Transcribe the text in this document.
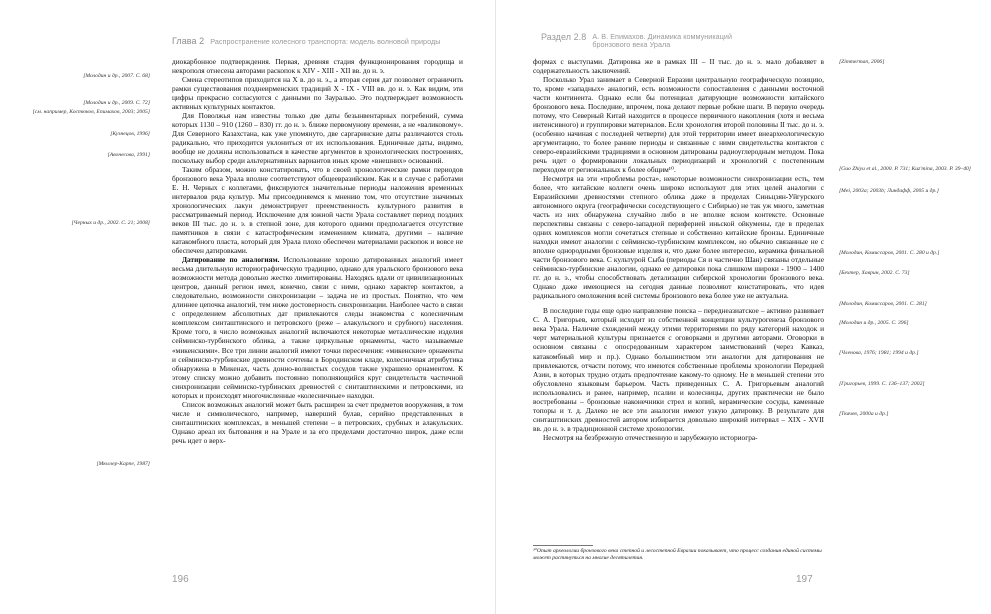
Глава 2 Распространение колесного транспорта: модель волновой природы
[Молодин и др., 2007. С. 68]
[Молодин и др., 2009. С. 72]
[см. например, Костюков, Епимахов, 2003; 2005]
[Кузнецов, 1996]
[Авонесова, 1991]
[Черных и др., 2002. С. 21; 2008]
[Мюллер-Карпе, 1987]

диокарбонное подтверждения. Первая, древняя стадия функционирования городища и некрополя отнесена авторами раскопок к XIV - XIII - XII вв. до н. э.

Смена стереотипов приходится на X в. до н. э., а вторая серия дат позволяет ограничить рамки существования позднеирменских традиций X - IX - VIII вв. до н. э. Как видим, эти цифры прекрасно согласуются с данными по Зауралью. Это подтверждает возможность активных культурных контактов.

Для Поволжья нам известны только две даты безынвентарных погребений, сумма которых 1130 – 910 (1260 – 830) гг. до н. э. ближе первомунову времени, а не «валиковому». Для Северного Казахстана, как уже упомянуто, две саргаринские даты различаются столь радикально, что приходится уклониться от их использования. Единичные даты, видимо, вообще не должны использоваться в качестве аргументов в хронологических построениях, поскольку выбор среди альтернативных вариантов иных кроме «внешних» оснований.

Таким образом, можно констатировать, что в своей хронологические рамки периодов бронзового века Урала вполне соответствуют общеевразийским. Как и в случае с работами Е. Н. Черных с коллегами, фиксируются значительные периоды наложения временных интервалов ряда культур. Мы присоединяемся к мнению том, что отсутствие значимых хронологических лакун демонстрирует преемственность культурного развития в рассматриваемый период. Исключение для южной части Урала составляет период поздних веков III тыс. до н. э. в степной зоне, для которого одними предполагается отсутствие памятников в связи с катастрофическим изменением климата, другими – наличие катакомбного пласта, который для Урала плохо обеспечен материалами раскопок и вовсе не обеспечен датировками.

Датирование по аналогиям. Использование хорошо датированных аналогий имеет весьма длительную историографическую традицию, однако для уральского бронзового века возможности метода довольно жестко лимитированы. Находясь вдали от цивилизационных центров, данный регион имел, конечно, связи с ними, однако характер контактов, а следовательно, возможности синхронизации – задача не из простых. Понятно, что чем длиннее цепочка аналогий, тем ниже достоверность синхронизации. Наиболее часто в связи с определением абсолютных дат привлекаются следы знакомства с колесничным комплексом синташтинского и петровского (реже – алакульского и срубного) населения. Кроме того, в число возможных аналогий включаются некоторые металлические изделия сейминско-турбинского облика, а также циркульные орнаменты, часто называемые «микенскими». Все три линии аналогий имеют точки пересечения: «микенские» орнаменты и сейминско-турбинские древности сочтены в Бородинском кладе, колесничная атрибутика обнаружена в Микенах, часть донно-волнистых сосудов также украшено орнаментом. К этому списку можно добавить постоянно пополняющийся круг свидетельств частичной синхронизации сейминско-турбинских древностей с синташтинскими и петровскими, из которых и происходят многочисленные «колесничные» находки.

Список возможных аналогий может быть расширен за счет предметов вооружения, в том числе и символического, например, наверший булав, серийно представленных в синташтинских комплексах, в меньшей степени – в петровских, срубных и алакульских. Однако ареал их бытования и на Урале и за его пределами достаточно широк, даже если речь идет о верх-

196
Раздел 2.8 А. В. Епимахов. Динамика коммуникаций
бронзового века Урала

формах с выступами. Датировка же в рамках III – II тыс. до н. э. мало добавляет в содержательность заключений.

Посколько Урал занимает в Северной Евразии центральную географическую позицию, то, кроме «западных» аналогий, есть возможности сопоставления с данными восточной части континента. Однако если бы потенциал датирующие возможности китайского бронзового века. Последние, впрочем, пока делают первые робкие шаги. В первую очередь потому, что Северный Китай находится в процессе первичного накопления (хотя и весьма интенсивного) и группировки материалов. Если хронология второй половины II тыс. до н. э. (особенно начиная с последней четверти) для этой территории имеет внеархеологическую аргументацию, то более ранние периоды и связанные с ними свидетельства контактов с северо-евразийскими традициями в основном датированы радиоуглеродным методом. Пока речь идет о формировании локальных периодизаций и хронологий с постепенным переходом от региональных к более общим¹⁰.

Несмотря на эти «проблемы роста», некоторые возможности синхронизации есть, тем более, что китайские коллеги очень широко используют для этих целей аналогии с Евразийскими древностями степного облика даже в пределах Синьцзян-Уйгурского автономного округа (географически соседствующего с Сибирью) не так уж много, заметная часть из них обнаружена случайно либо в не вполне ясном контексте. Основные перспективы связаны с северо-западной периферией иньской ойкумены, где в пределах одних комплексов могли сочетаться степные и собственно китайские бронзы. Единичные находки имеют аналогии с сейминско-турбинским комплексом, но обычно связанные не с вполне однородными бронзовые изделия и, что даже более интересно, керамика финальной части бронзового века. С культурой Сыба (периоды Ся и частично Шан) связаны отдельные сейминско-турбинские аналогии, однако ее датировки пока слишком широки - 1900 – 1400 гг. до н. э., чтобы способствовать детализации сибирской хронологии бронзового века. Однако даже имеющиеся на сегодня данные позволяют констатировать, что идея радикального омоложения всей системы бронзового века более уже не актуальна.

В последние годы еще одно направление поиска – переднеазиатское – активно развивает С. А. Григорьев, который исходит из собственной концепции культурогенеза бронзового века Урала. Наличие схождений между этими территориями по ряду категорий находок и черт материальной культуры признается с оговорками и другими авторами. Оговорки в основном связаны с опосредованным характером заимствований (через Кавказ, катакомбный мир и пр.). Однако большинством эти аналогии для датирования не привлекаются, отчасти потому, что имеются собственные проблемы хронологии Передней Азии, в которых трудно отдать предпочтение какому-то одному. Не в меньшей степени это обусловлено языковым барьером. Часть приведенных С. А. Григорьевым аналогий использовались и ранее, например, псалии и колесницы, других практически не было востребованы – бронзовые наконечники стрел и копий, керамические сосуды, каменные топоры и т. д. Далеко не все эти аналогии имеют узкую датировку. В результате для синташтинских древностей автором избирается довольно широкий интервал – XIX - XVII вв. до н. э. в традиционной системе хронологии.

Несмотря на безбрежную отечественную и зарубежную историогра-

¹⁰Опыт археологии бронзового века степной и лесостепной Евразии показывает, что процесс создания единой системы может растянуться на многие десятилетия.
[Zimmerman, 2006]
[Guo Zhiyu et al., 2000. P. 731; Kuz'mina, 2003. P. 39–40]
[Mei, 2003a; 2003b; Линдафф, 2005 и др.]
[Молодин, Комиссаров, 2001. С. 280 и др.]
[Бехтер, Хаврин, 2002. С. 73]
[Молодин, Комиссаров, 2001. С. 281]
[Молодин и др., 2005. С. 396]
[Членова, 1976; 1981; 1994 и др.]
[Григорьев, 1999. С. 136–137; 2002]
[Ткачев, 2000а и др.]
197
